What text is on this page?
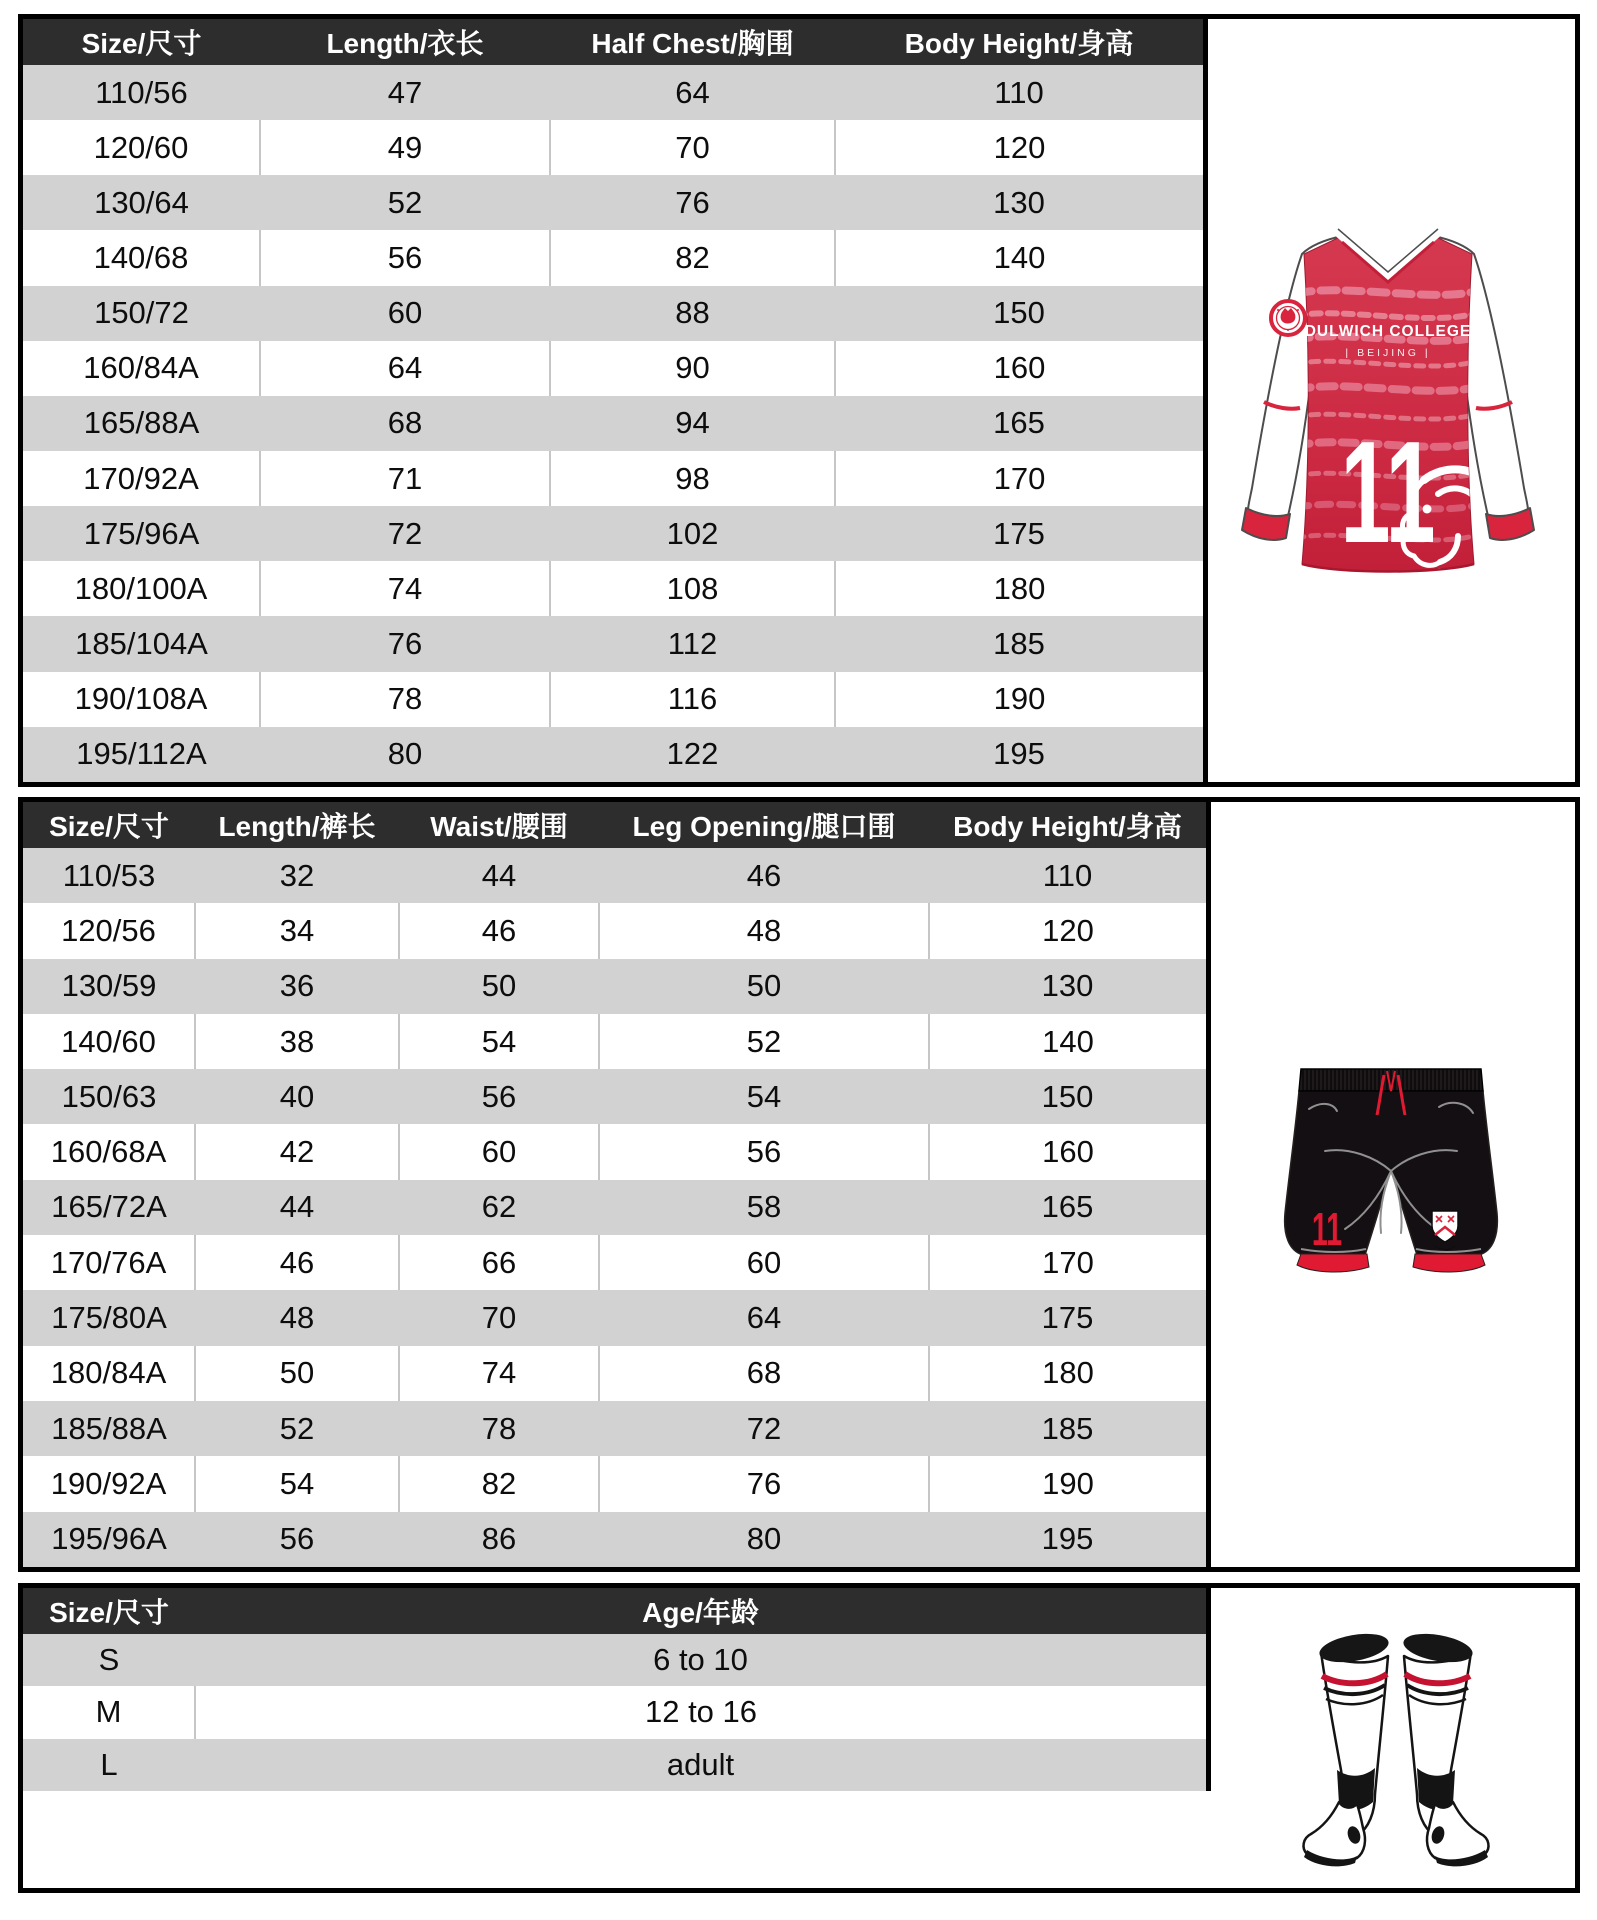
Size/尺寸	Length/衣长	Half Chest/胸围	Body Height/身高
110/56	47	64	110
120/60	49	70	120
130/64	52	76	130
140/68	56	82	140
150/72	60	88	150
160/84A	64	90	160
165/88A	68	94	165
170/92A	71	98	170
175/96A	72	102	175
180/100A	74	108	180
185/104A	76	112	185
190/108A	78	116	190
195/112A	80	122	195
DULWICH COLLEGE
| BEIJING |
11
Size/尺寸	Length/裤长	Waist/腰围	Leg Opening/腿口围	Body Height/身高
110/53	32	44	46	110
120/56	34	46	48	120
130/59	36	50	50	130
140/60	38	54	52	140
150/63	40	56	54	150
160/68A	42	60	56	160
165/72A	44	62	58	165
170/76A	46	66	60	170
175/80A	48	70	64	175
180/84A	50	74	68	180
185/88A	52	78	72	185
190/92A	54	82	76	190
195/96A	56	86	80	195
11
Size/尺寸	Age/年龄
S	6 to 10
M	12 to 16
L	adult
